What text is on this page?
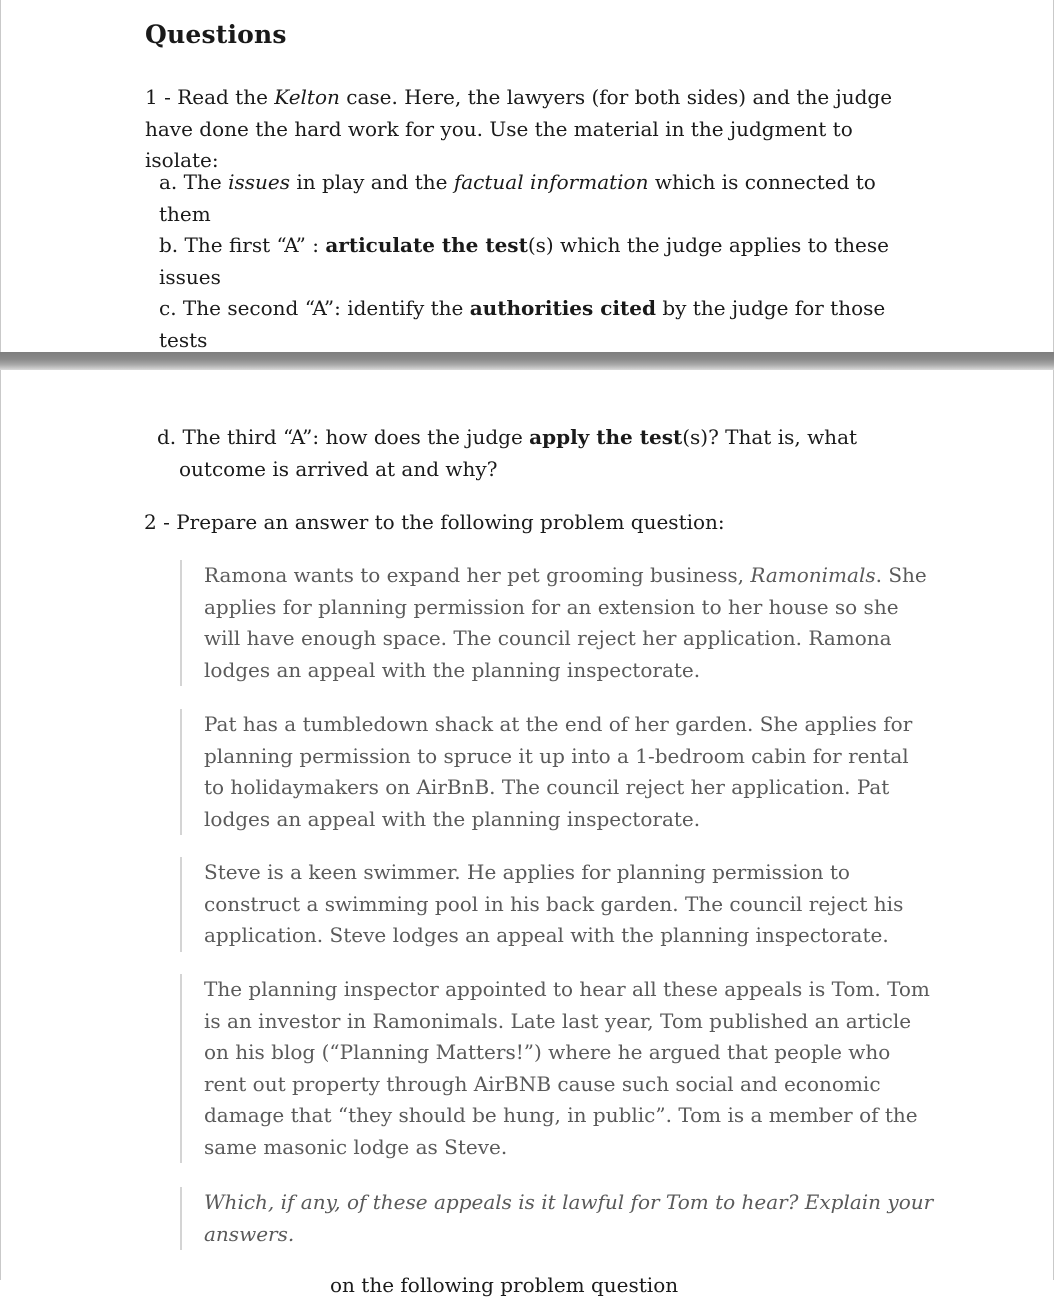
Questions

1 - Read the Kelton case. Here, the lawyers (for both sides) and the judge have done the hard work for you. Use the material in the judgment to isolate:

a. The issues in play and the factual information which is connected to them
b. The first “A” : articulate the test(s) which the judge applies to these issues
c. The second “A”: identify the authorities cited by the judge for those tests

d. The third “A”: how does the judge apply the test(s)? That is, what outcome is arrived at and why?

2 - Prepare an answer to the following problem question:

Ramona wants to expand her pet grooming business, Ramonimals. She applies for planning permission for an extension to her house so she will have enough space. The council reject her application. Ramona lodges an appeal with the planning inspectorate.

Pat has a tumbledown shack at the end of her garden. She applies for planning permission to spruce it up into a 1-bedroom cabin for rental to holidaymakers on AirBnB. The council reject her application. Pat lodges an appeal with the planning inspectorate.

Steve is a keen swimmer. He applies for planning permission to construct a swimming pool in his back garden. The council reject his application. Steve lodges an appeal with the planning inspectorate.

The planning inspector appointed to hear all these appeals is Tom. Tom is an investor in Ramonimals. Late last year, Tom published an article on his blog (“Planning Matters!”) where he argued that people who rent out property through AirBNB cause such social and economic damage that “they should be hung, in public”. Tom is a member of the same masonic lodge as Steve.

Which, if any, of these appeals is it lawful for Tom to hear? Explain your answers.

on the following problem question
